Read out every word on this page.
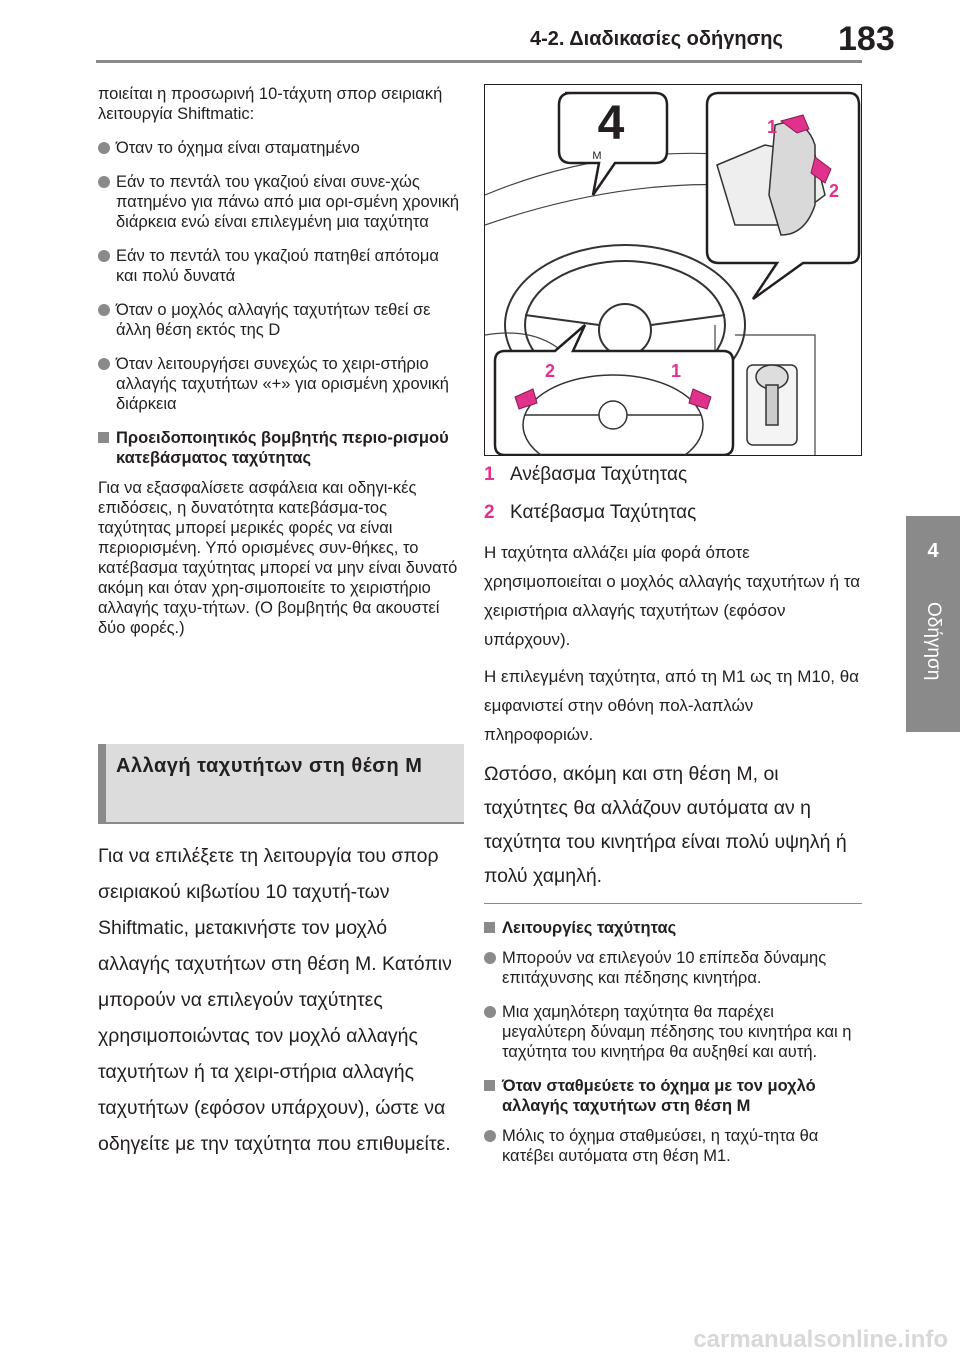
4-2. Διαδικασίες οδήγησης 183
4
Οδήγηση

ποιείται η προσωρινή 10-τάχυτη σπορ σειριακή λειτουργία Shiftmatic:

Όταν το όχημα είναι σταματημένο
Εάν το πεντάλ του γκαζιού είναι συνε-χώς πατημένο για πάνω από μια ορι-σμένη χρονική διάρκεια ενώ είναι επιλεγμένη μια ταχύτητα
Εάν το πεντάλ του γκαζιού πατηθεί απότομα και πολύ δυνατά
Όταν ο μοχλός αλλαγής ταχυτήτων τεθεί σε άλλη θέση εκτός της D
Όταν λειτουργήσει συνεχώς το χειρι-στήριο αλλαγής ταχυτήτων «+» για ορισμένη χρονική διάρκεια
Προειδοποιητικός βομβητής περιο-ρισμού κατεβάσματος ταχύτητας

Για να εξασφαλίσετε ασφάλεια και οδηγι-κές επιδόσεις, η δυνατότητα κατεβάσμα-τος ταχύτητας μπορεί μερικές φορές να είναι περιορισμένη. Υπό ορισμένες συν-θήκες, το κατέβασμα ταχύτητας μπορεί να μην είναι δυνατό ακόμη και όταν χρη-σιμοποιείτε το χειριστήριο αλλαγής ταχυ-τήτων. (Ο βομβητής θα ακουστεί δύο φορές.)

Αλλαγή ταχυτήτων στη θέση M

Για να επιλέξετε τη λειτουργία του σπορ σειριακού κιβωτίου 10 ταχυτή-των Shiftmatic, μετακινήστε τον μοχλό αλλαγής ταχυτήτων στη θέση M. Κατόπιν μπορούν να επιλεγούν ταχύτητες χρησιμοποιώντας τον μοχλό αλλαγής ταχυτήτων ή τα χειρι-στήρια αλλαγής ταχυτήτων (εφόσον υπάρχουν), ώστε να οδηγείτε με την ταχύτητα που επιθυμείτε.

4
M
1
2
2	1
1 Ανέβασμα Ταχύτητας
2 Κατέβασμα Ταχύτητας

Η ταχύτητα αλλάζει μία φορά όποτε χρησιμοποιείται ο μοχλός αλλαγής ταχυτήτων ή τα χειριστήρια αλλαγής ταχυτήτων (εφόσον υπάρχουν).

Η επιλεγμένη ταχύτητα, από τη M1 ως τη M10, θα εμφανιστεί στην οθόνη πολ-λαπλών πληροφοριών.

Ωστόσο, ακόμη και στη θέση M, οι ταχύτητες θα αλλάζουν αυτόματα αν η ταχύτητα του κινητήρα είναι πολύ υψηλή ή πολύ χαμηλή.

Λειτουργίες ταχύτητας
Μπορούν να επιλεγούν 10 επίπεδα δύναμης επιτάχυνσης και πέδησης κινητήρα.
Μια χαμηλότερη ταχύτητα θα παρέχει μεγαλύτερη δύναμη πέδησης του κινητήρα και η ταχύτητα του κινητήρα θα αυξηθεί και αυτή.
Όταν σταθμεύετε το όχημα με τον μοχλό αλλαγής ταχυτήτων στη θέση M
Μόλις το όχημα σταθμεύσει, η ταχύ-τητα θα κατέβει αυτόματα στη θέση M1.
carmanualsonline.info
